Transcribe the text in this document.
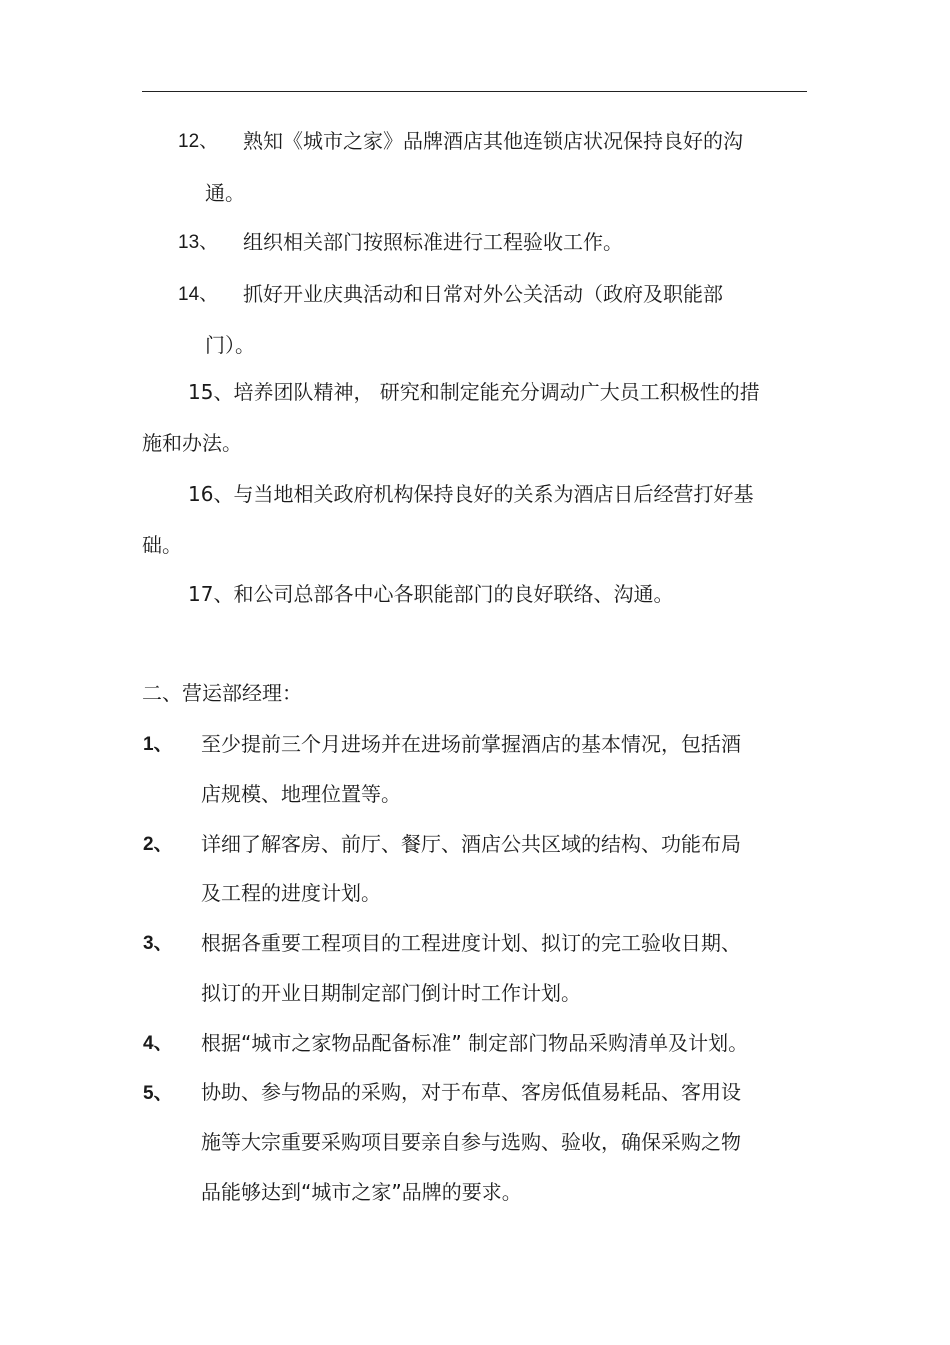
12、 熟知《城市之家》品牌酒店其他连锁店状况保持良好的沟
通。
13、 组织相关部门按照标准进行工程验收工作。
14、 抓好开业庆典活动和日常对外公关活动（政府及职能部
门）。
15、培养团队精神， 研究和制定能充分调动广大员工积极性的措
施和办法。
16、与当地相关政府机构保持良好的关系为酒店日后经营打好基
础。
17、和公司总部各中心各职能部门的良好联络、沟通。
二、营运部经理：
1、 至少提前三个月进场并在进场前掌握酒店的基本情况，包括酒
店规模、地理位置等。
2、 详细了解客房、前厅、餐厅、酒店公共区域的结构、功能布局
及工程的进度计划。
3、 根据各重要工程项目的工程进度计划、拟订的完工验收日期、
拟订的开业日期制定部门倒计时工作计划。
4、 根据“城市之家物品配备标准” 制定部门物品采购清单及计划。
5、 协助、参与物品的采购，对于布草、客房低值易耗品、客用设
施等大宗重要采购项目要亲自参与选购、验收，确保采购之物
品能够达到“城市之家”品牌的要求。
